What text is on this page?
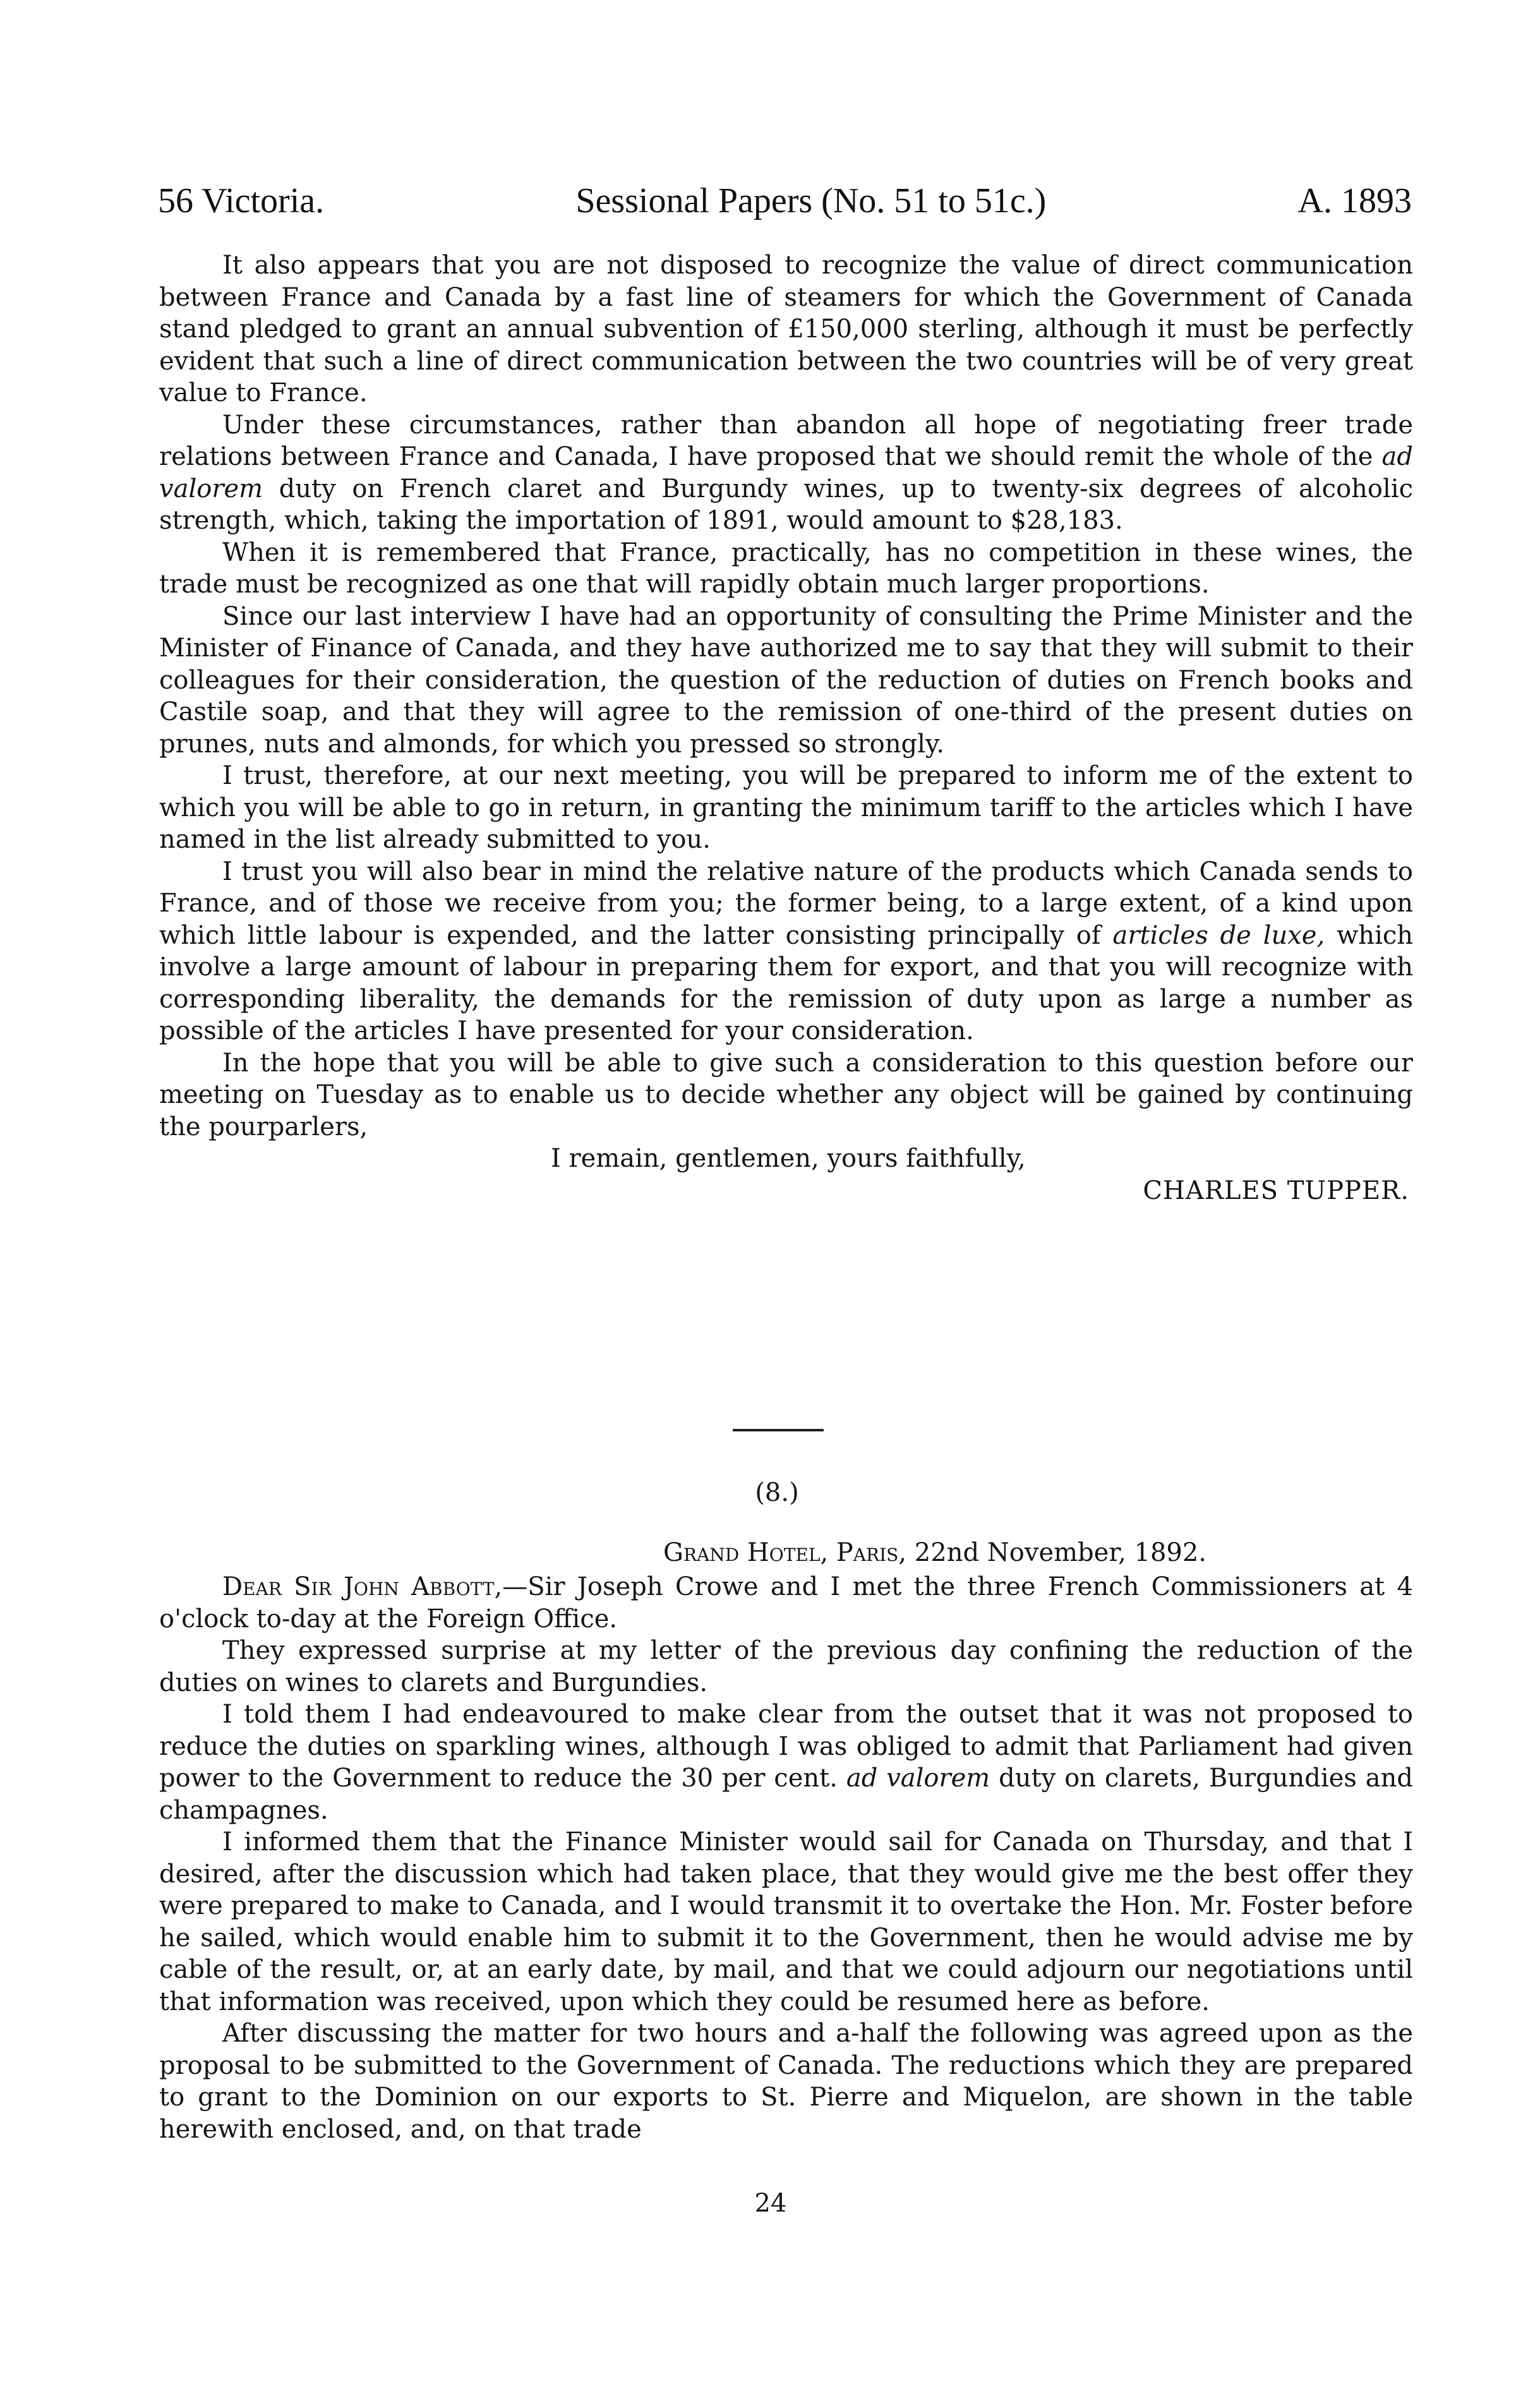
56 Victoria.	Sessional Papers (No. 51 to 51c.)	A. 1893

It also appears that you are not disposed to recognize the value of direct communication between France and Canada by a fast line of steamers for which the Government of Canada stand pledged to grant an annual subvention of £150,000 sterling, although it must be perfectly evident that such a line of direct communication between the two countries will be of very great value to France.

Under these circumstances, rather than abandon all hope of negotiating freer trade relations between France and Canada, I have proposed that we should remit the whole of the ad valorem duty on French claret and Burgundy wines, up to twenty-six degrees of alcoholic strength, which, taking the importation of 1891, would amount to $28,183.

When it is remembered that France, practically, has no competition in these wines, the trade must be recognized as one that will rapidly obtain much larger proportions.

Since our last interview I have had an opportunity of consulting the Prime Minister and the Minister of Finance of Canada, and they have authorized me to say that they will submit to their colleagues for their consideration, the question of the reduction of duties on French books and Castile soap, and that they will agree to the remission of one-third of the present duties on prunes, nuts and almonds, for which you pressed so strongly.

I trust, therefore, at our next meeting, you will be prepared to inform me of the extent to which you will be able to go in return, in granting the minimum tariff to the articles which I have named in the list already submitted to you.

I trust you will also bear in mind the relative nature of the products which Canada sends to France, and of those we receive from you; the former being, to a large extent, of a kind upon which little labour is expended, and the latter consisting principally of articles de luxe, which involve a large amount of labour in preparing them for export, and that you will recognize with corresponding liberality, the demands for the remission of duty upon as large a number as possible of the articles I have presented for your consideration.

In the hope that you will be able to give such a consideration to this question before our meeting on Tuesday as to enable us to decide whether any object will be gained by continuing the pourparlers,

I remain, gentlemen, yours faithfully,

CHARLES TUPPER.

(8.)
Grand Hotel, Paris, 22nd November, 1892.

Dear Sir John Abbott,—Sir Joseph Crowe and I met the three French Commissioners at 4 o'clock to-day at the Foreign Office.

They expressed surprise at my letter of the previous day confining the reduction of the duties on wines to clarets and Burgundies.

I told them I had endeavoured to make clear from the outset that it was not proposed to reduce the duties on sparkling wines, although I was obliged to admit that Parliament had given power to the Government to reduce the 30 per cent. ad valorem duty on clarets, Burgundies and champagnes.

I informed them that the Finance Minister would sail for Canada on Thursday, and that I desired, after the discussion which had taken place, that they would give me the best offer they were prepared to make to Canada, and I would transmit it to overtake the Hon. Mr. Foster before he sailed, which would enable him to submit it to the Government, then he would advise me by cable of the result, or, at an early date, by mail, and that we could adjourn our negotiations until that information was received, upon which they could be resumed here as before.

After discussing the matter for two hours and a-half the following was agreed upon as the proposal to be submitted to the Government of Canada. The reductions which they are prepared to grant to the Dominion on our exports to St. Pierre and Miquelon, are shown in the table herewith enclosed, and, on that trade

24
